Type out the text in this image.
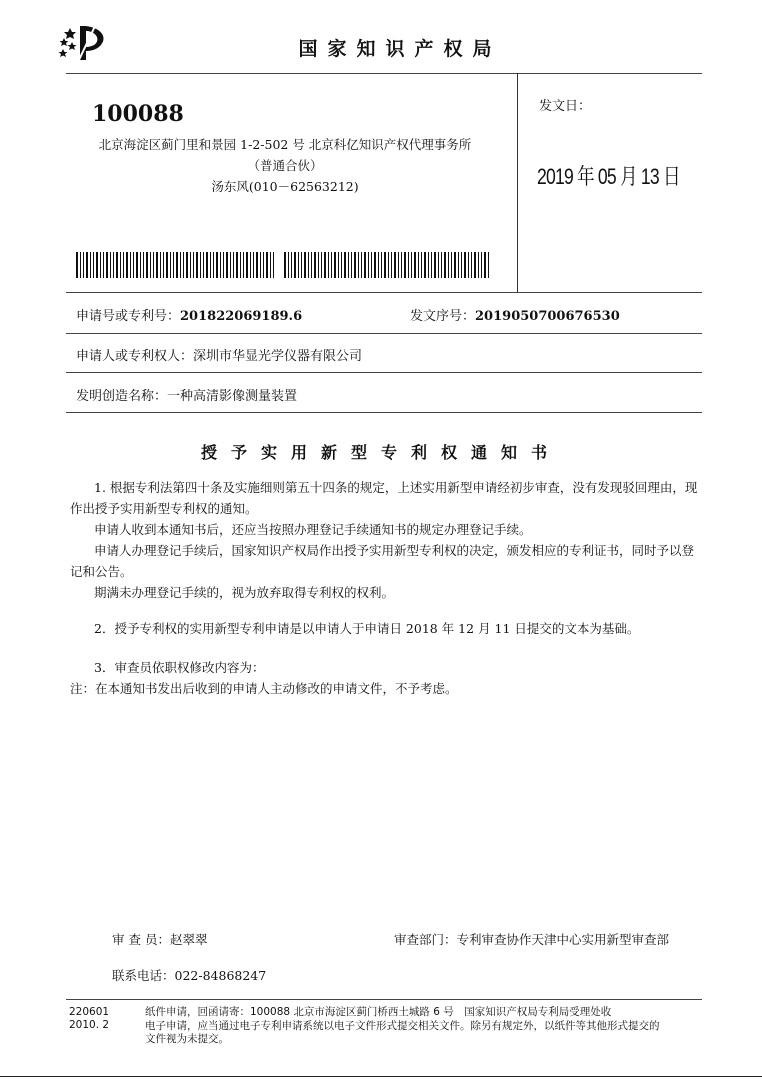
国家知识产权局
100088
北京海淀区蓟门里和景园 1-2-502 号 北京科亿知识产权代理事务所
（普通合伙）
汤东风(010－62563212)
发文日：
2019 年 05 月 13 日
申请号或专利号：201822069189.6	发文序号：2019050700676530
申请人或专利权人：深圳市华显光学仪器有限公司
发明创造名称：一种高清影像测量装置
授予实用新型专利权通知书

1. 根据专利法第四十条及实施细则第五十四条的规定，上述实用新型申请经初步审查，没有发现驳回理由，现作出授予实用新型专利权的通知。

申请人收到本通知书后，还应当按照办理登记手续通知书的规定办理登记手续。

申请人办理登记手续后，国家知识产权局作出授予实用新型专利权的决定，颁发相应的专利证书，同时予以登记和公告。

期满未办理登记手续的，视为放弃取得专利权的权利。

2．授予专利权的实用新型专利申请是以申请人于申请日 2018 年 12 月 11 日提交的文本为基础。

3．审查员依职权修改内容为：

注：在本通知书发出后收到的申请人主动修改的申请文件，不予考虑。

审 查 员：赵翠翠	审查部门：专利审查协作天津中心实用新型审查部
联系电话：022-84868247
220601
2010. 2
纸件申请，回函请寄：100088 北京市海淀区蓟门桥西土城路 6 号　国家知识产权局专利局受理处收
电子申请，应当通过电子专利申请系统以电子文件形式提交相关文件。除另有规定外，以纸件等其他形式提交的
文件视为未提交。
